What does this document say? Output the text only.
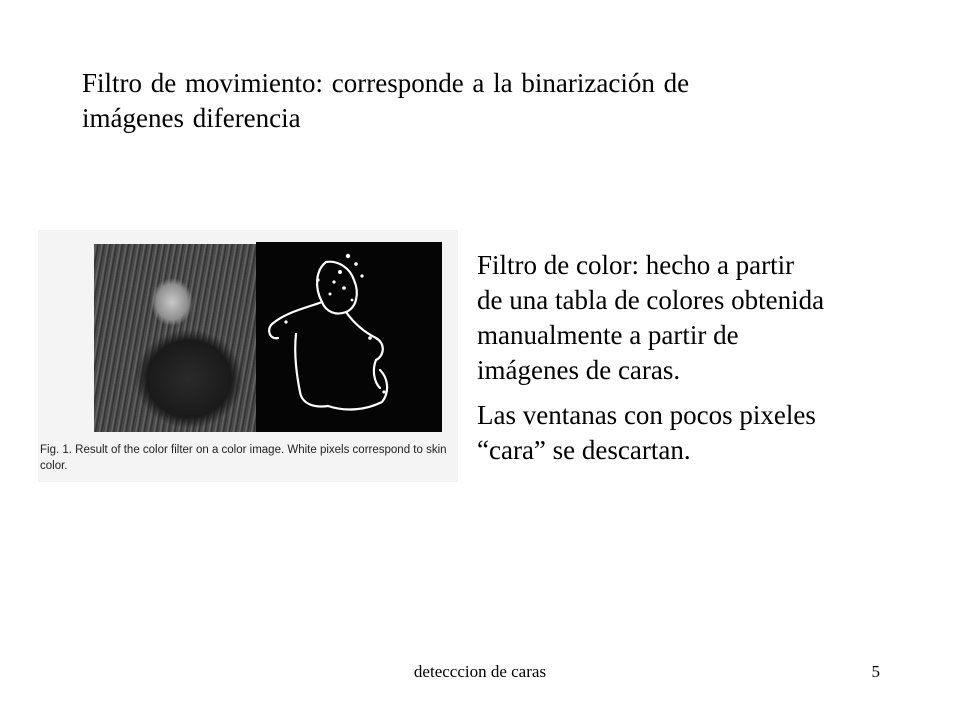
Filtro de movimiento: corresponde a la binarización de
imágenes diferencia
Fig. 1. Result of the color filter on a color image. White pixels correspond to skin color.

Filtro de color: hecho a partir
de una tabla de colores obtenida
manualmente a partir de
imágenes de caras.

Las ventanas con pocos pixeles
“cara” se descartan.

detecccion de caras	5
